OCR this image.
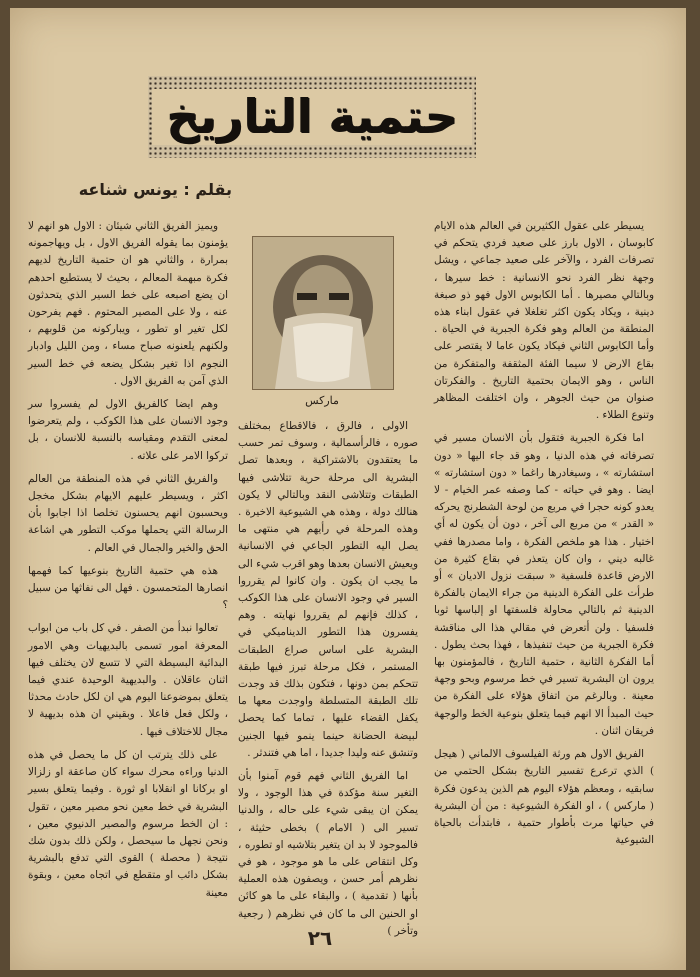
حتمية التاريخ
بقلم : يونس شناعه

يسيطر على عقول الكثيرين في العالم هذه الايام كابوسان ، الاول بارز على صعيد فردي يتحكم في تصرفات الفرد ، والآخر على صعيد جماعي ، ويشل وجهة نظر الفرد نحو الانسانية : خط سيرها ، وبالتالي مصيرها . أما الكابوس الاول فهو ذو صبغة دينية ، ويكاد يكون اكثر تغلغلا في عقول ابناء هذه المنطقة من العالم وهو فكرة الجبرية في الحياة . وأما الكابوس الثاني فيكاد يكون عاما لا يقتصر على بقاع الارض لا سيما الفئة المثقفة والمتفكرة من الناس ، وهو الايمان بحتمية التاريخ . والفكرتان صنوان من حيث الجوهر ، وان اختلفت المظاهر وتنوع الطلاء .

اما فكرة الجبرية فتقول بأن الانسان مسير في تصرفاته في هذه الدنيا ، وهو قد جاء اليها « دون استشارته » ، وسيغادرها راغما « دون استشارته » ايضا . وهو في حياته - كما وصفه عمر الخيام - لا يعدو كونه حجرا في مربع من لوحة الشطرنج يحركه « القدر » من مربع الى آخر ، دون أن يكون له أي اختيار . هذا هو ملخص الفكرة ، واما مصدرها ففي غالبه ديني ، وان كان يتعذر في بقاع كثيرة من الارض قاعدة فلسفية « سبقت نزول الاديان » أو طرأت على الفكرة الدينية من جراء الايمان بالفكرة الدينية ثم بالتالي محاولة فلسفتها او إلباسها ثوبا فلسفيا . ولن أتعرض في مقالي هذا الى مناقشة فكرة الجبرية من حيث تنفيذها ، فهذا بحث يطول . أما الفكرة الثانية ، حتمية التاريخ ، فالمؤمنون بها يرون ان البشرية تسير في خط مرسوم وبحو وجهة معينة . وبالرغم من اتفاق هؤلاء على الفكرة من حيث المبدأ الا انهم فيما يتعلق بنوعية الخط والوجهة فريقان اثنان .

الفريق الاول هم ورثة الفيلسوف الالماني ( هيجل ) الذي ترعرع تفسير التاريخ بشكل الحتمي من سابقيه ، ومعظم هؤلاء اليوم هم الذين يدعون فكرة ( ماركس ) ، او الفكرة الشيوعية : من أن البشرية في حياتها مرت بأطوار حتمية ، فابتدأت بالحياة الشيوعية

ماركس

الاولى ، فالرق ، فالاقطاع بمختلف صوره ، فالرأسمالية ، وسوف تمر حسب ما يعتقدون بالاشتراكية ، وبعدها تصل البشرية الى مرحلة حرية تتلاشى فيها الطبقات وتتلاشى النقد وبالتالي لا يكون هنالك دولة ، وهذه هي الشيوعية الاخيرة . وهذه المرحلة في رأيهم هي منتهى ما يصل اليه التطور الجاعي في الانسانية ويعيش الانسان بعدها وهو اقرب شيء الى ما يجب ان يكون . وان كانوا لم يقرروا السير في وجود الانسان على هذا الكوكب ، كذلك فإنهم لم يقرروا نهايته . وهم يفسرون هذا التطور الديناميكي في البشرية على اساس صراع الطبقات المستمر ، فكل مرحلة تبرز فيها طبقة تتحكم بمن دونها ، فتكون بذلك قد وجدت تلك الطبقة المتسلطة واوجدت معها ما يكفل القضاء عليها ، تماما كما يحصل لبيضة الحضانة حينما ينمو فيها الجنين وتنشق عنه وليدا جديدا ، اما هي فتندثر .

اما الفريق الثاني فهم قوم آمنوا بأن التغير سنة مؤكدة في هذا الوجود ، ولا يمكن ان يبقى شيء على حاله ، والدنيا تسير الى ( الامام ) بخطى حثيثة ، فالموجود لا بد ان يتغير بتلاشيه او تطوره ، وكل انتقاص على ما هو موجود ، هو في نظرهم أمر حسن ، ويصفون هذه العملية بأنها ( تقدمية ) ، والبقاء على ما هو كائن او الحنين الى ما كان في نظرهم ( رجعية وتأخر )

ويميز الفريق الثاني شيئان : الاول هو انهم لا يؤمنون بما يقوله الفريق الاول ، بل ويهاجمونه بمرارة ، والثاني هو ان حتمية التاريخ لديهم فكرة مبهمة المعالم ، بحيث لا يستطيع احدهم ان يضع اصبعه على خط السير الذي يتحدثون عنه ، ولا على المصير المحتوم . فهم يفرحون لكل تغير او تطور ، ويباركونه من قلوبهم ، ولكنهم يلعنونه صباح مساء ، ومن الليل وادبار النجوم اذا تغير بشكل يضعه في خط السير الذي آمن به الفريق الاول .

وهم ايضا كالفريق الاول لم يفسروا سر وجود الانسان على هذا الكوكب ، ولم يتعرضوا لمعنى التقدم ومقياسه بالنسبة للانسان ، بل تركوا الامر على علاته .

والفريق الثاني في هذه المنطقة من العالم اكثر ، ويسيطر عليهم الايهام بشكل مخجل ويحسبون انهم يحسنون تخلصا اذا اجابوا بأن الرسالة التي يحملها موكب التطور هي اشاعة الحق والخير والجمال في العالم .

هذه هي حتمية التاريخ بنوعيها كما فهمها انصارها المتحمسون . فهل الى نفاثها من سبيل ؟

تعالوا نبدأ من الصفر . في كل باب من ابواب المعرفة امور تسمى بالبديهيات وهي الامور البدائية البسيطة التي لا تتسع لان يختلف فيها اثنان عاقلان . والبديهية الوحيدة عندي فيما يتعلق بموضوعنا اليوم هي ان لكل حادث محدثا ، ولكل فعل فاعلا . وبقيني ان هذه بديهية لا مجال للاختلاف فيها .

على ذلك يترتب ان كل ما يحصل في هذه الدنيا وراءه محرك سواء كان صاعقة او زلزالا او بركانا او انقلابا او ثورة . وفيما يتعلق بسير البشرية في خط معين نحو مصير معين ، تقول : ان الخط مرسوم والمصير الدنيوي معين ، ونحن نجهل ما سيحصل ، ولكن ذلك بدون شك نتيجة ( محصلة ) القوى التي تدفع بالبشرية بشكل دائب او متقطع في اتجاه معين ، وبقوة معينة

٢٦
